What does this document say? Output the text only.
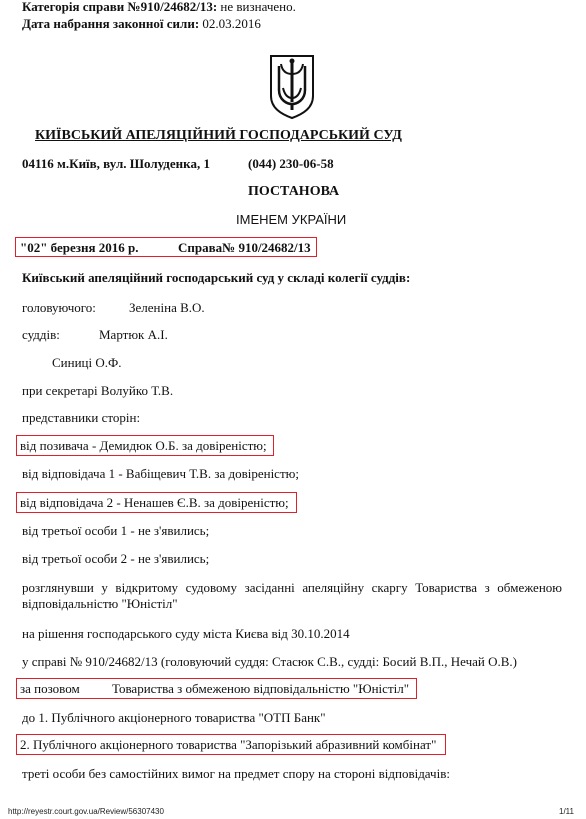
Категорія справи №910/24682/13: не визначено.
Дата набрання законної сили: 02.03.2016
КИЇВСЬКИЙ АПЕЛЯЦІЙНИЙ ГОСПОДАРСЬКИЙ СУД
04116 м.Київ, вул. Шолуденка, 1	(044) 230-06-58
ПОСТАНОВА
ІМЕНЕМ УКРАЇНИ
"02" березня 2016 р.	Справа№ 910/24682/13
Київський апеляційний господарський суд у складі колегії суддів:
головуючого:	Зеленіна В.О.
суддів:	Мартюк А.І.
Синиці О.Ф.
при секретарі Волуйко Т.В.
представники сторін:
від позивача - Демидюк О.Б. за довіреністю;
від відповідача 1 - Вабіщевич Т.В. за довіреністю;
від відповідача 2 - Ненашев Є.В. за довіреністю;
від третьої особи 1 - не з'явились;
від третьої особи 2 - не з'явились;
розглянувши у відкритому судовому засіданні апеляційну скаргу Товариства з обмеженою відповідальністю "Юністіл"
на рішення господарського суду міста Києва від 30.10.2014
у справі № 910/24682/13 (головуючий суддя: Стасюк С.В., судді: Босий В.П., Нечай О.В.)
за позовом Товариства з обмеженою відповідальністю "Юністіл"
до 1. Публічного акціонерного товариства "ОТП Банк"
2. Публічного акціонерного товариства "Запорізький абразивний комбінат"
треті особи без самостійних вимог на предмет спору на стороні відповідачів:
http://reyestr.court.gov.ua/Review/56307430	1/11
